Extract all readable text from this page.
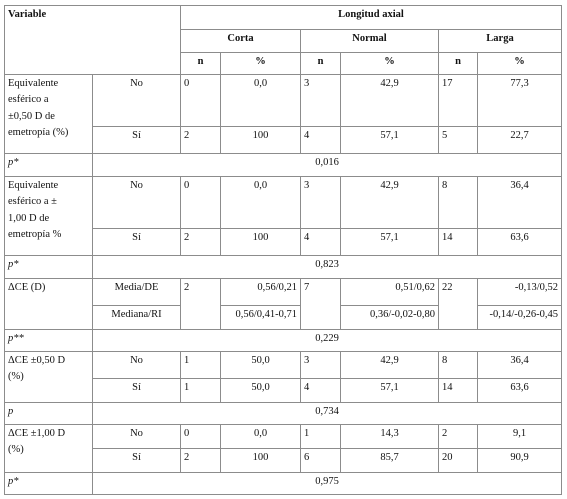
Variable		Longitud axial					
		Corta		Normal		Larga	
		n	%	n	%	n	%

Equivalente
esférico a
±0,50 D de
emetropía (%)	No	0	0,0	3	42,9	17	77,3
	Sí	2	100	4	57,1	5	22,7
p*	0,016						

Equivalente
esférico a ±
1,00 D de
emetropía %	No	0	0,0	3	42,9	8	36,4
	Sí	2	100	4	57,1	14	63,6
p*	0,823						
ΔCE (D)	Media/DE	2	0,56/0,21	7	0,51/0,62	22	-0,13/0,52
	Mediana/RI		0,56/0,41-0,71		0,36/-0,02-0,80		-0,14/-0,26-0,45
p**	0,229						

ΔCE ±0,50 D
(%)	No	1	50,0	3	42,9	8	36,4
	Sí	1	50,0	4	57,1	14	63,6
p	0,734						

ΔCE ±1,00 D
(%)	No	0	0,0	1	14,3	2	9,1
	Sí	2	100	6	85,7	20	90,9
p*	0,975						
